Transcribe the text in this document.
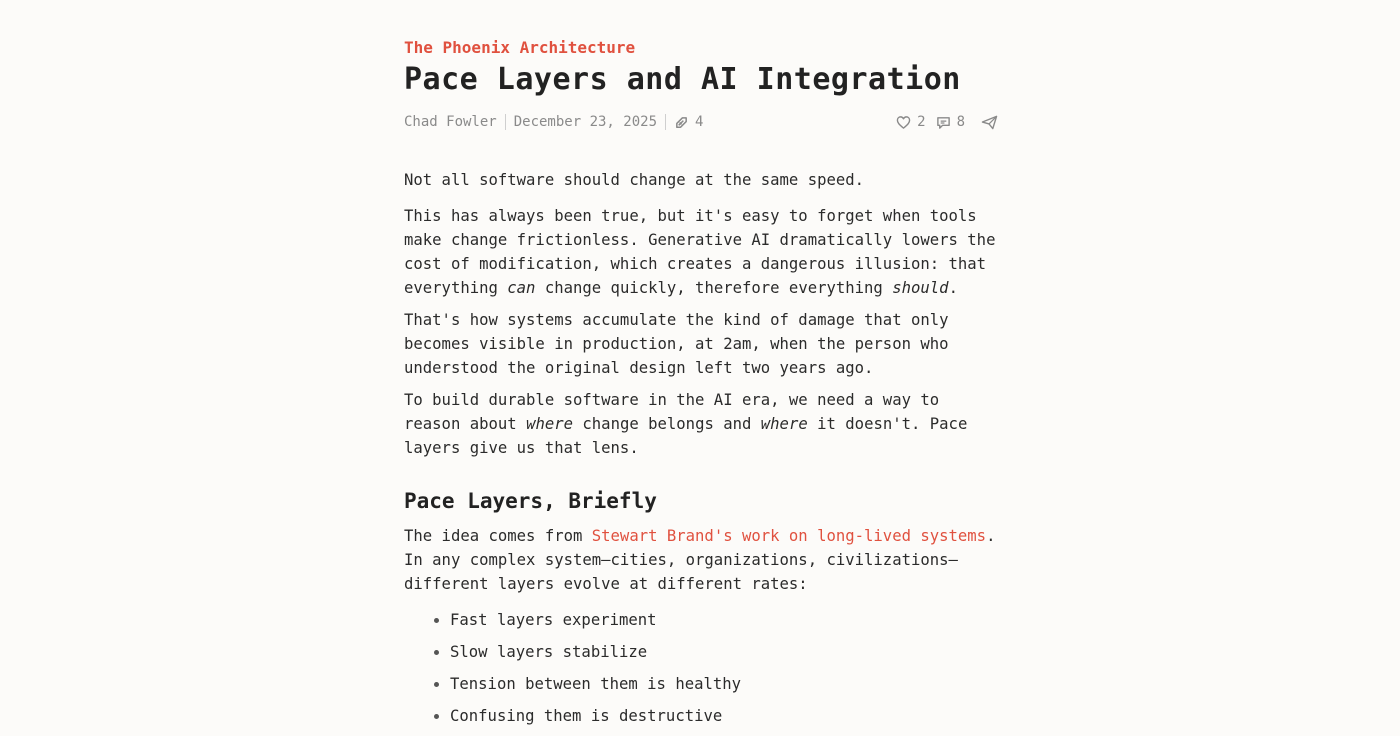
The Phoenix Architecture
Pace Layers and AI Integration
Chad Fowler December 23, 2025	4	2 8

Not all software should change at the same speed.

This has always been true, but it's easy to forget when tools make change frictionless. Generative AI dramatically lowers the cost of modification, which creates a dangerous illusion: that everything can change quickly, therefore everything should.

That's how systems accumulate the kind of damage that only becomes visible in production, at 2am, when the person who understood the original design left two years ago.

To build durable software in the AI era, we need a way to reason about where change belongs and where it doesn't. Pace layers give us that lens.

Pace Layers, Briefly

The idea comes from Stewart Brand's work on long-lived systems. In any complex system—cities, organizations, civilizations—different layers evolve at different rates:

• Fast layers experiment
• Slow layers stabilize
• Tension between them is healthy
• Confusing them is destructive
